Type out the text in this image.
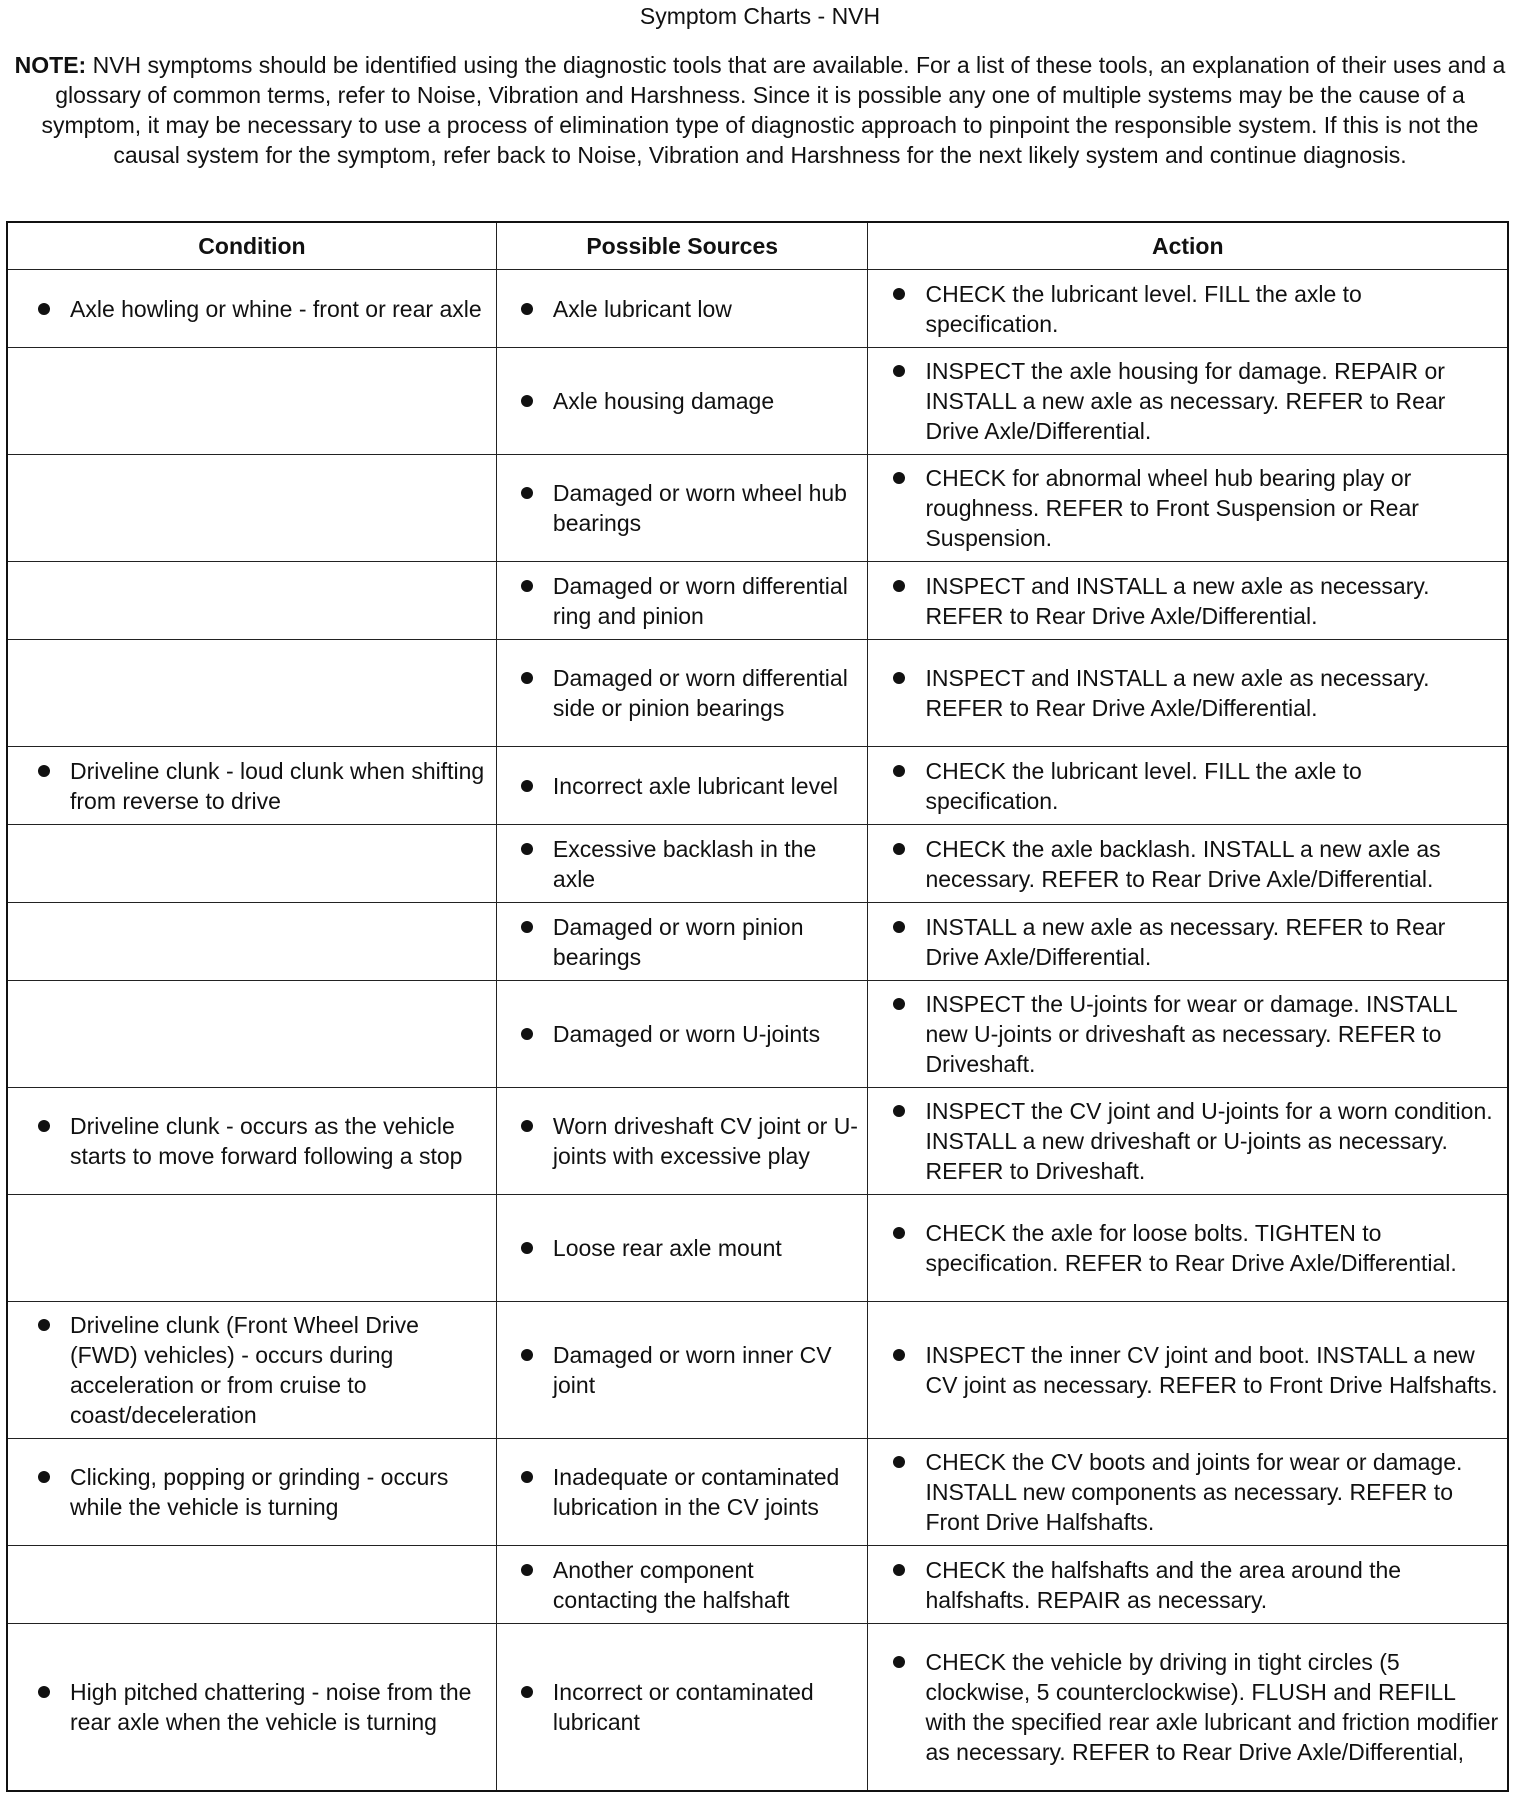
Symptom Charts - NVH
NOTE: NVH symptoms should be identified using the diagnostic tools that are available. For a list of these tools, an explanation of their uses and a glossary of common terms, refer to Noise, Vibration and Harshness. Since it is possible any one of multiple systems may be the cause of a symptom, it may be necessary to use a process of elimination type of diagnostic approach to pinpoint the responsible system. If this is not the causal system for the symptom, refer back to Noise, Vibration and Harshness for the next likely system and continue diagnosis.
Condition	Possible Sources	Action

Axle howling or whine - front or rear axle	Axle lubricant low	CHECK the lubricant level. FILL the axle to specification.

	Axle housing damage	INSPECT the axle housing for damage. REPAIR or INSTALL a new axle as necessary. REFER to Rear Drive Axle/Differential.

	Damaged or worn wheel hub bearings	CHECK for abnormal wheel hub bearing play or roughness. REFER to Front Suspension or Rear Suspension.

	Damaged or worn differential ring and pinion	INSPECT and INSTALL a new axle as necessary. REFER to Rear Drive Axle/Differential.

	Damaged or worn differential side or pinion bearings	INSPECT and INSTALL a new axle as necessary. REFER to Rear Drive Axle/Differential.

Driveline clunk - loud clunk when shifting from reverse to drive	Incorrect axle lubricant level	CHECK the lubricant level. FILL the axle to specification.

	Excessive backlash in the axle	CHECK the axle backlash. INSTALL a new axle as necessary. REFER to Rear Drive Axle/Differential.

	Damaged or worn pinion bearings	INSTALL a new axle as necessary. REFER to Rear Drive Axle/Differential.

	Damaged or worn U-joints	INSPECT the U-joints for wear or damage. INSTALL new U-joints or driveshaft as necessary. REFER to Driveshaft.

Driveline clunk - occurs as the vehicle starts to move forward following a stop	Worn driveshaft CV joint or U-joints with excessive play	INSPECT the CV joint and U-joints for a worn condition. INSTALL a new driveshaft or U-joints as necessary. REFER to Driveshaft.

	Loose rear axle mount	CHECK the axle for loose bolts. TIGHTEN to specification. REFER to Rear Drive Axle/Differential.

Driveline clunk (Front Wheel Drive (FWD) vehicles) - occurs during acceleration or from cruise to coast/deceleration	Damaged or worn inner CV joint	INSPECT the inner CV joint and boot. INSTALL a new CV joint as necessary. REFER to Front Drive Halfshafts.

Clicking, popping or grinding - occurs while the vehicle is turning	Inadequate or contaminated lubrication in the CV joints	CHECK the CV boots and joints for wear or damage. INSTALL new components as necessary. REFER to Front Drive Halfshafts.

	Another component contacting the halfshaft	CHECK the halfshafts and the area around the halfshafts. REPAIR as necessary.

High pitched chattering - noise from the rear axle when the vehicle is turning	Incorrect or contaminated lubricant	CHECK the vehicle by driving in tight circles (5 clockwise, 5 counterclockwise). FLUSH and REFILL with the specified rear axle lubricant and friction modifier as necessary. REFER to Rear Drive Axle/Differential,
